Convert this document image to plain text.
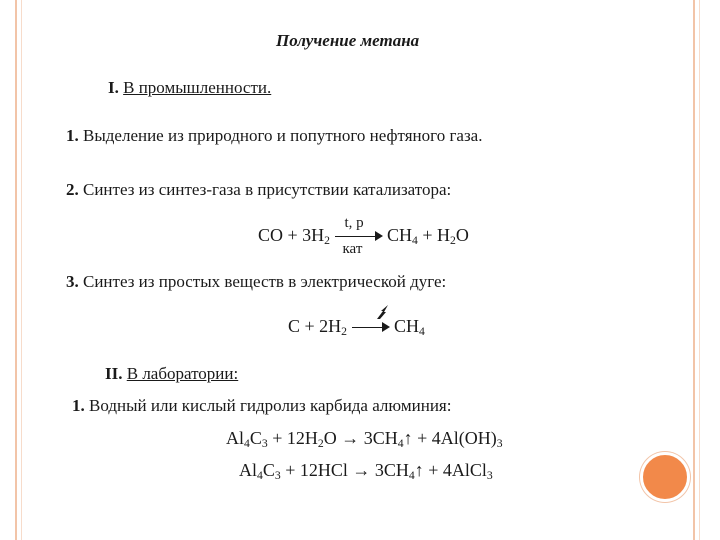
Получение метана
I. В промышленности.
1. Выделение из природного и попутного нефтяного газа.
2. Синтез из синтез-газа в присутствии катализатора:
CO + $3H_2$
t, p
кат
$CH_4 + H_2O$
3. Синтез из простых веществ в электрической дуге:
$C + 2H_2 \to CH_4$
II. В лаборатории:
1. Водный или кислый гидролиз карбида алюминия:
$Al_4C_3 + 12H_2O$ → $3CH_4↑ + 4Al(OH)_3$
$Al_4C_3 + 12HCl$ → $3CH_4↑$ + 4AlCl$_3$
